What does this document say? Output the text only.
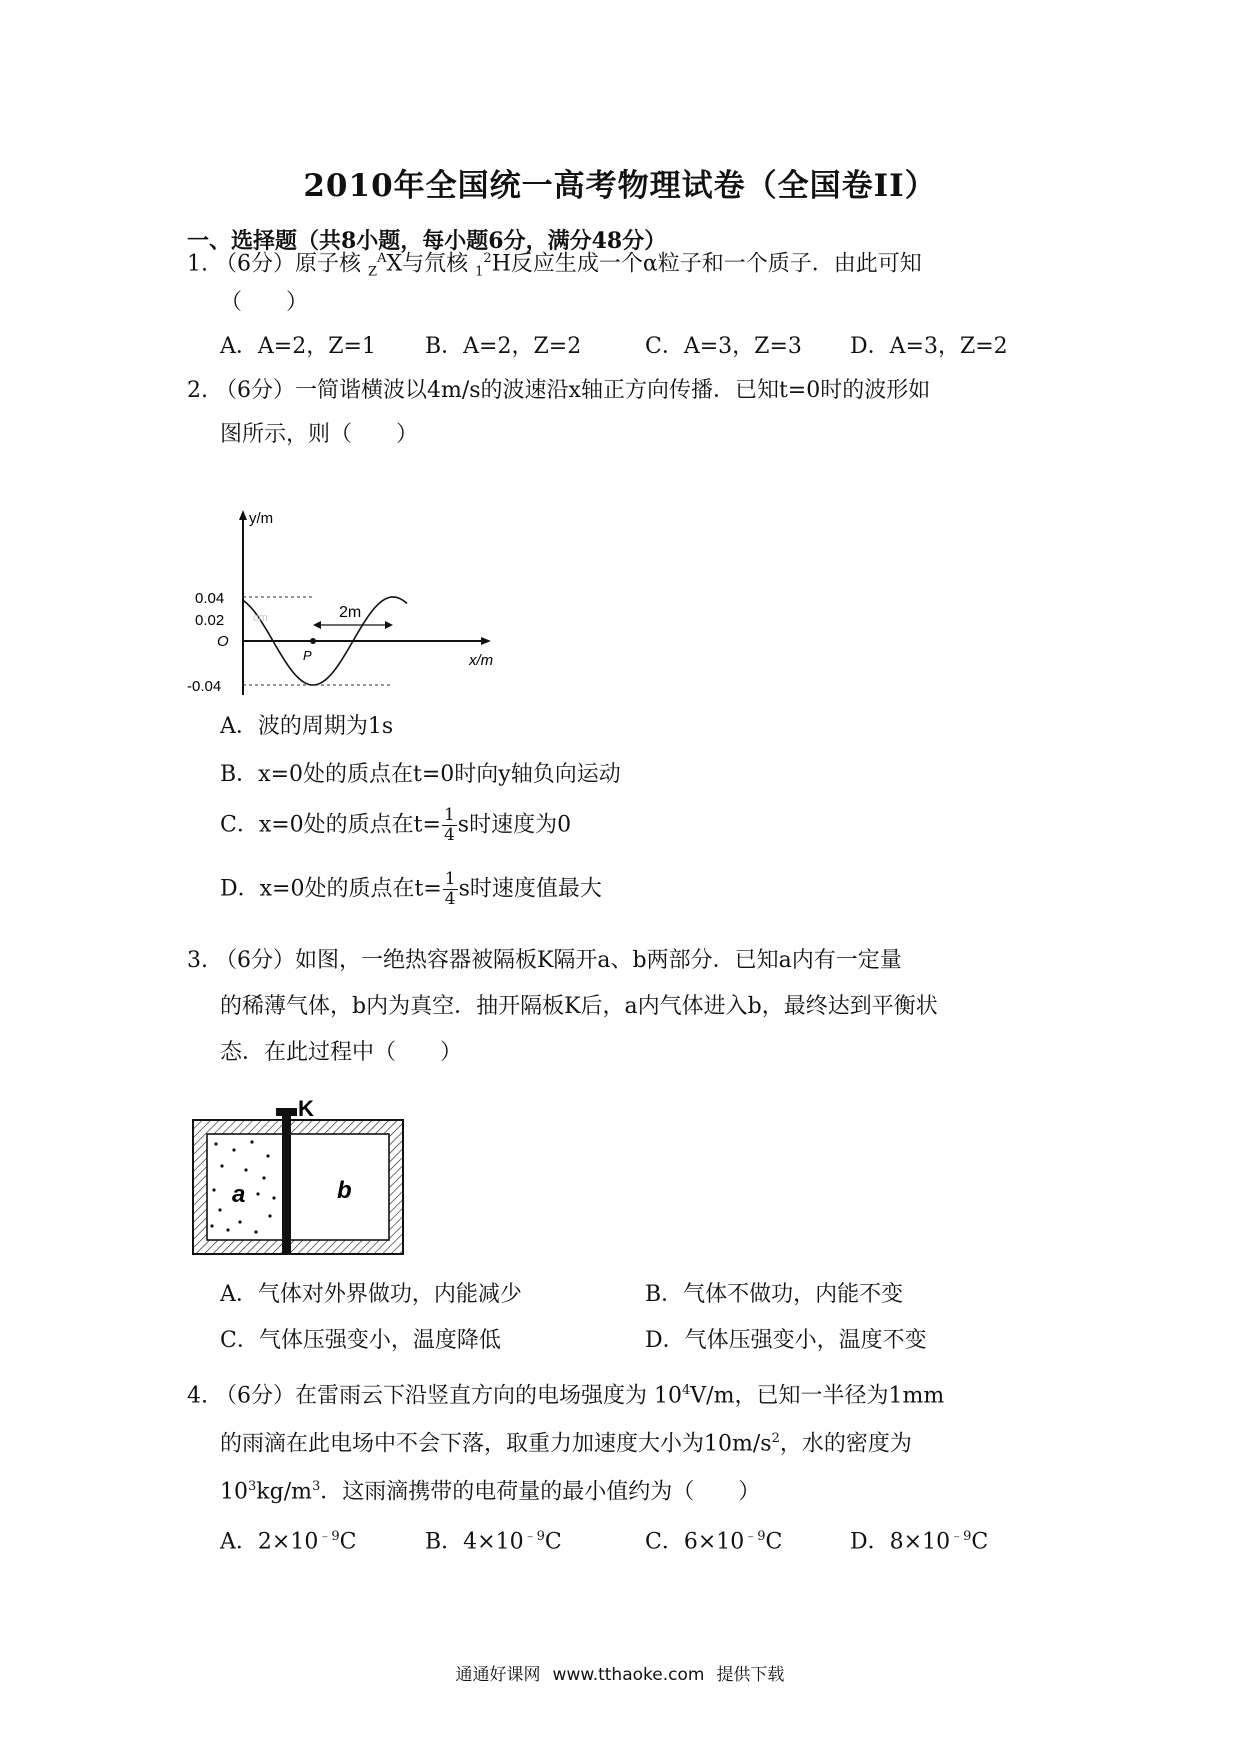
2010年全国统一高考物理试卷（全国卷II）
一、选择题（共8小题，每小题6分，满分48分）
1. （6分）原子核 $_Z^A$X与氘核 $_1^2$H反应生成一个α粒子和一个质子．由此可知
（　　）
A．A=2，Z=1 B．A=2，Z=2	C．A=3，Z=3 D．A=3，Z=2
2. （6分）一简谐横波以4m/s的波速沿x轴正方向传播．已知t=0时的波形如
图所示，则（　　）
y/m
x/m
O
0.04
0.02
-0.04
P
2m
cm
A．波的周期为1s
B．x=0处的质点在t=0时向y轴负向运动
C．x=0处的质点在$t= \frac{1}{4}$ s时速度为0
D．x=0处的质点在$t= \frac{1}{4}$ s时速度值最大
3. （6分）如图，一绝热容器被隔板K隔开a、b两部分．已知a内有一定量
的稀薄气体，b内为真空．抽开隔板K后，a内气体进入b，最终达到平衡状
态．在此过程中（　　）
K
a	b
A．气体对外界做功，内能减少	B．气体不做功，内能不变
C．气体压强变小，温度降低	D．气体压强变小，温度不变
4. （6分）在雷雨云下沿竖直方向的电场强度为 $10^4V/m$，已知一半径为1mm
的雨滴在此电场中不会下落，取重力加速度大小为$10m/s^2$，水的密度为
$10^3kg/m^3$．这雨滴携带的电荷量的最小值约为（　　）
A．$2\times 10^{﹣9}C$	B．$4\times 10^{﹣9}C$	C．$6\times 10^{﹣9}C$	D．$8\times 10^{﹣9}C$
通通好课网 www.tthaoke.com 提供下载
